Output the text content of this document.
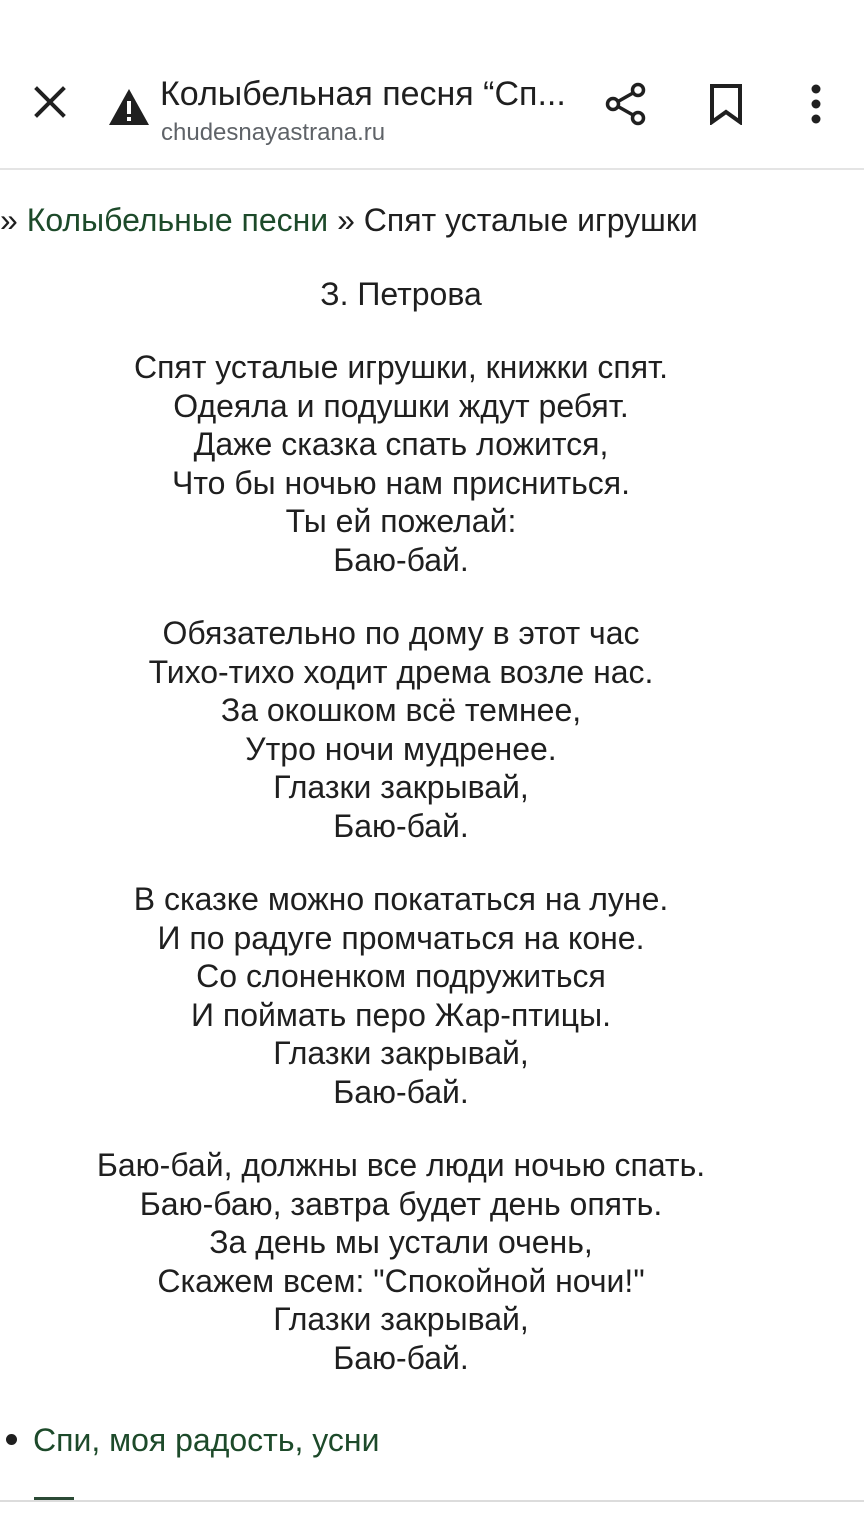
Колыбельная песня “Сп...
chudesnayastrana.ru
» Колыбельные песни » Спят усталые игрушки
З. Петрова
Спят усталые игрушки, книжки спят.
Одеяла и подушки ждут ребят.
Даже сказка спать ложится,
Что бы ночью нам присниться.
Ты ей пожелай:
Баю-бай.
Обязательно по дому в этот час
Тихо-тихо ходит дрема возле нас.
За окошком всё темнее,
Утро ночи мудренее.
Глазки закрывай,
Баю-бай.
В сказке можно покататься на луне.
И по радуге промчаться на коне.
Со слоненком подружиться
И поймать перо Жар-птицы.
Глазки закрывай,
Баю-бай.
Баю-бай, должны все люди ночью спать.
Баю-баю, завтра будет день опять.
За день мы устали очень,
Скажем всем: "Спокойной ночи!"
Глазки закрывай,
Баю-бай.
Спи, моя радость, усни
